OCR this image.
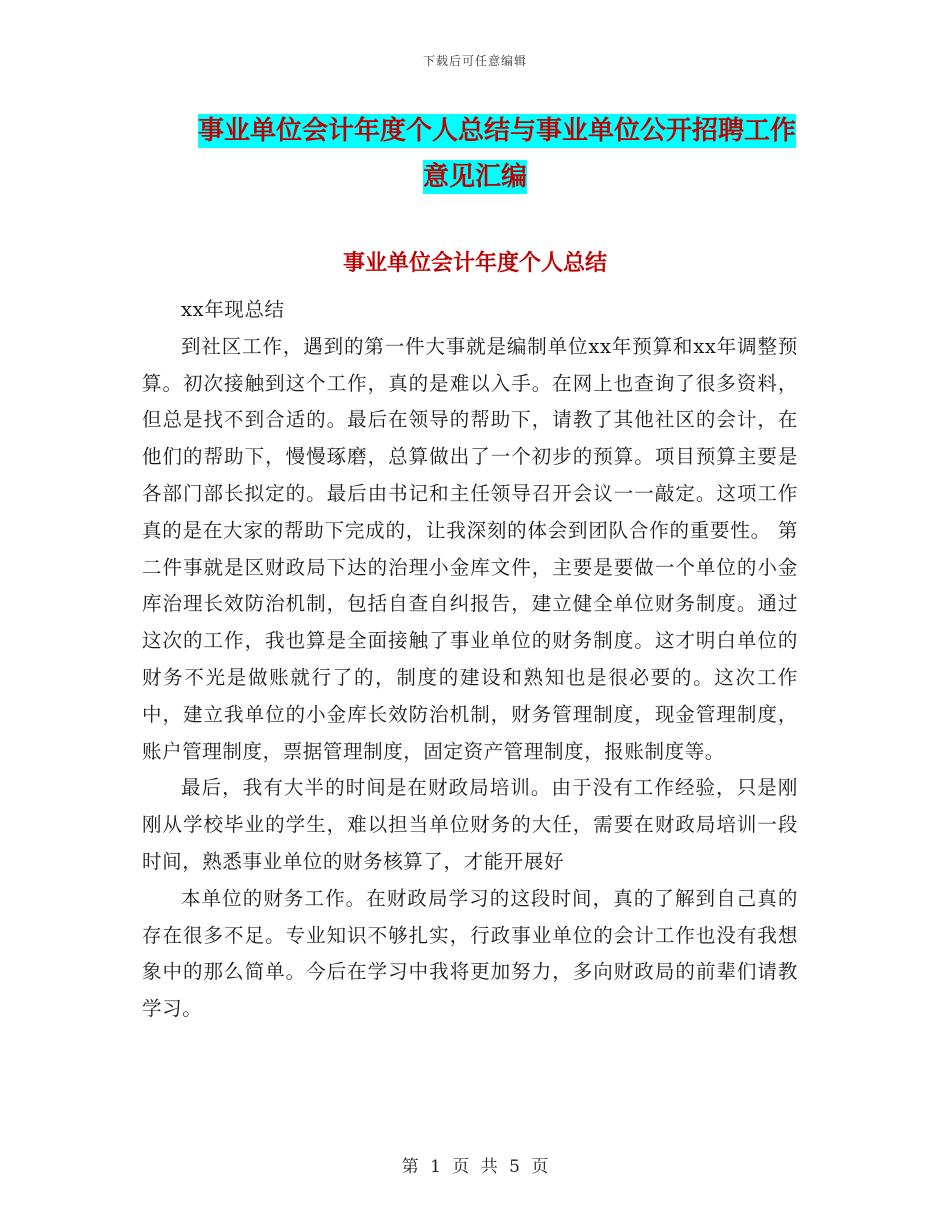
下载后可任意编辑
事业单位会计年度个人总结与事业单位公开招聘工作
意见汇编
事业单位会计年度个人总结

xx年现总结

到社区工作，遇到的第一件大事就是编制单位xx年预算和xx年调整预算。初次接触到这个工作，真的是难以入手。在网上也查询了很多资料，但总是找不到合适的。最后在领导的帮助下，请教了其他社区的会计，在他们的帮助下，慢慢琢磨，总算做出了一个初步的预算。项目预算主要是各部门部长拟定的。最后由书记和主任领导召开会议一一敲定。这项工作真的是在大家的帮助下完成的，让我深刻的体会到团队合作的重要性。 第二件事就是区财政局下达的治理小金库文件，主要是要做一个单位的小金库治理长效防治机制，包括自查自纠报告，建立健全单位财务制度。通过这次的工作，我也算是全面接触了事业单位的财务制度。这才明白单位的财务不光是做账就行了的，制度的建设和熟知也是很必要的。这次工作中，建立我单位的小金库长效防治机制，财务管理制度，现金管理制度，账户管理制度，票据管理制度，固定资产管理制度，报账制度等。

最后，我有大半的时间是在财政局培训。由于没有工作经验，只是刚刚从学校毕业的学生，难以担当单位财务的大任，需要在财政局培训一段时间，熟悉事业单位的财务核算了，才能开展好

本单位的财务工作。在财政局学习的这段时间，真的了解到自己真的存在很多不足。专业知识不够扎实，行政事业单位的会计工作也没有我想象中的那么简单。今后在学习中我将更加努力，多向财政局的前辈们请教学习。

第 1 页 共 5 页
